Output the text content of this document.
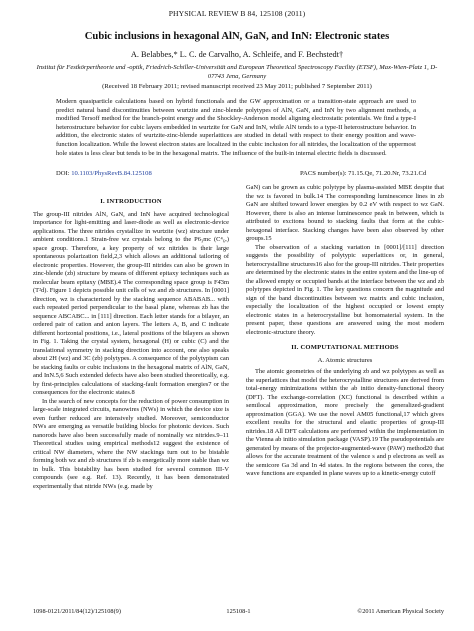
PHYSICAL REVIEW B 84, 125108 (2011)
Cubic inclusions in hexagonal AlN, GaN, and InN: Electronic states
A. Belabbes,* L. C. de Carvalho, A. Schleife, and F. Bechstedt†
Institut für Festkörpertheorie und -optik, Friedrich-Schiller-Universität and European Theoretical Spectroscopy Facility (ETSF), Max-Wien-Platz 1, D-07743 Jena, Germany
(Received 18 February 2011; revised manuscript received 23 May 2011; published 7 September 2011)
Modern quasiparticle calculations based on hybrid functionals and the GW approximation or a transition-state approach are used to predict natural band discontinuities between wurtzite and zinc-blende polytypes of AlN, GaN, and InN by two alignment methods, a modified Tersoff method for the branch-point energy and the Shockley-Anderson model aligning electrostatic potentials. We find a type-I heterostructure behavior for cubic layers embedded in wurtzite for GaN and InN, while AlN tends to a type-II heterostructure behavior. In addition, the electronic states of wurtzite-zinc-blende superlattices are studied in detail with respect to their energy position and wave-function localization. While the lowest electron states are localized in the cubic inclusion for all nitrides, the localization of the uppermost hole states is less clear but tends to be in the hexagonal matrix. The influence of the built-in internal electric fields is discussed.
DOI: 10.1103/PhysRevB.84.125108	PACS number(s): 71.15.Qe, 71.20.Nr, 73.21.Cd
I. INTRODUCTION

The group-III nitrides AlN, GaN, and InN have acquired technological importance for light-emitting and laser-diode as well as electronic-device applications. The three nitrides crystallize in wurtzite (wz) structure under ambient conditions.1 Strain-free wz crystals belong to the P6₃mc (C⁴₆ᵥ) space group. Therefore, a key property of wz nitrides is their large spontaneous polarization field,2,3 which allows an additional tailoring of electronic properties. However, the group-III nitrides can also be grown in zinc-blende (zb) structure by means of different epitaxy techniques such as molecular beam epitaxy (MBE).4 The corresponding space group is F4̄3m (T²d). Figure 1 depicts possible unit cells of wz and zb structures. In [0001] direction, wz is characterized by the stacking sequence ABABAB... with each repeated period perpendicular to the basal plane, whereas zb has the sequence ABCABC... in [111] direction. Each letter stands for a bilayer, an ordered pair of cation and anion layers. The letters A, B, and C indicate different horizontal positions, i.e., lateral positions of the bilayers as shown in Fig. 1. Taking the crystal system, hexagonal (H) or cubic (C) and the translational symmetry in stacking direction into account, one also speaks about 2H (wz) and 3C (zb) polytypes. A consequence of the polytypism can be stacking faults or cubic inclusions in the hexagonal matrix of AlN, GaN, and InN.5,6 Such extended defects have also been studied theoretically, e.g. by first-principles calculations of stacking-fault formation energies7 or the consequences for the electronic states.8

In the search of new concepts for the reduction of power consumption in large-scale integrated circuits, nanowires (NWs) in which the device size is even further reduced are intensively studied. Moreover, semiconductor NWs are emerging as versatile building blocks for photonic devices. Such nanorods have also been successfully made of nominally wz nitrides.9–11 Theoretical studies using empirical methods12 suggest the existence of critical NW diameters, where the NW stackings turn out to be bistable forming both wz and zb structures if zb is energetically more stable than wz in bulk. This bistability has been studied for several common III-V compounds (see e.g. Ref. 13). Recently, it has been demonstrated experimentally that nitride NWs (e.g. made by

GaN) can be grown as cubic polytype by plasma-assisted MBE despite that the wz is favored in bulk.14 The corresponding luminescence lines in zb GaN are shifted toward lower energies by 0.2 eV with respect to wz GaN. However, there is also an intense luminescence peak in between, which is attributed to excitons bound to stacking faults that form at the cubic-hexagonal interface. Stacking changes have been also observed by other groups.15

The observation of a stacking variation in [0001]/[111] direction suggests the possibility of polytypic superlattices or, in general, heterocrystalline structures16 also for the group-III nitrides. Their properties are determined by the electronic states in the entire system and the line-up of the allowed empty or occupied bands at the interface between the wz and zb polytypes depicted in Fig. 1. The key questions concern the magnitude and sign of the band discontinuities between wz matrix and cubic inclusion, especially the localization of the highest occupied or lowest empty electronic states in a heterocrystalline but homomaterial system. In the present paper, these questions are answered using the most modern electronic-structure theory.

II. COMPUTATIONAL METHODS
A. Atomic structures

The atomic geometries of the underlying zb and wz polytypes as well as the superlattices that model the heterocrystalline structures are derived from total-energy minimizations within the ab initio density-functional theory (DFT). The exchange-correlation (XC) functional is described within a semilocal approximation, more precisely the generalized-gradient approximation (GGA). We use the novel AM05 functional,17 which gives excellent results for the structural and elastic properties of group-III nitrides.18 All DFT calculations are performed within the implementation in the Vienna ab initio simulation package (VASP).19 The pseudopotentials are generated by means of the projector-augmented-wave (PAW) method20 that allows for the accurate treatment of the valence s and p electrons as well as the semicore Ga 3d and In 4d states. In the regions between the cores, the wave functions are expanded in plane waves up to a kinetic-energy cutoff

1098-0121/2011/84(12)/125108(9)	125108-1	©2011 American Physical Society
